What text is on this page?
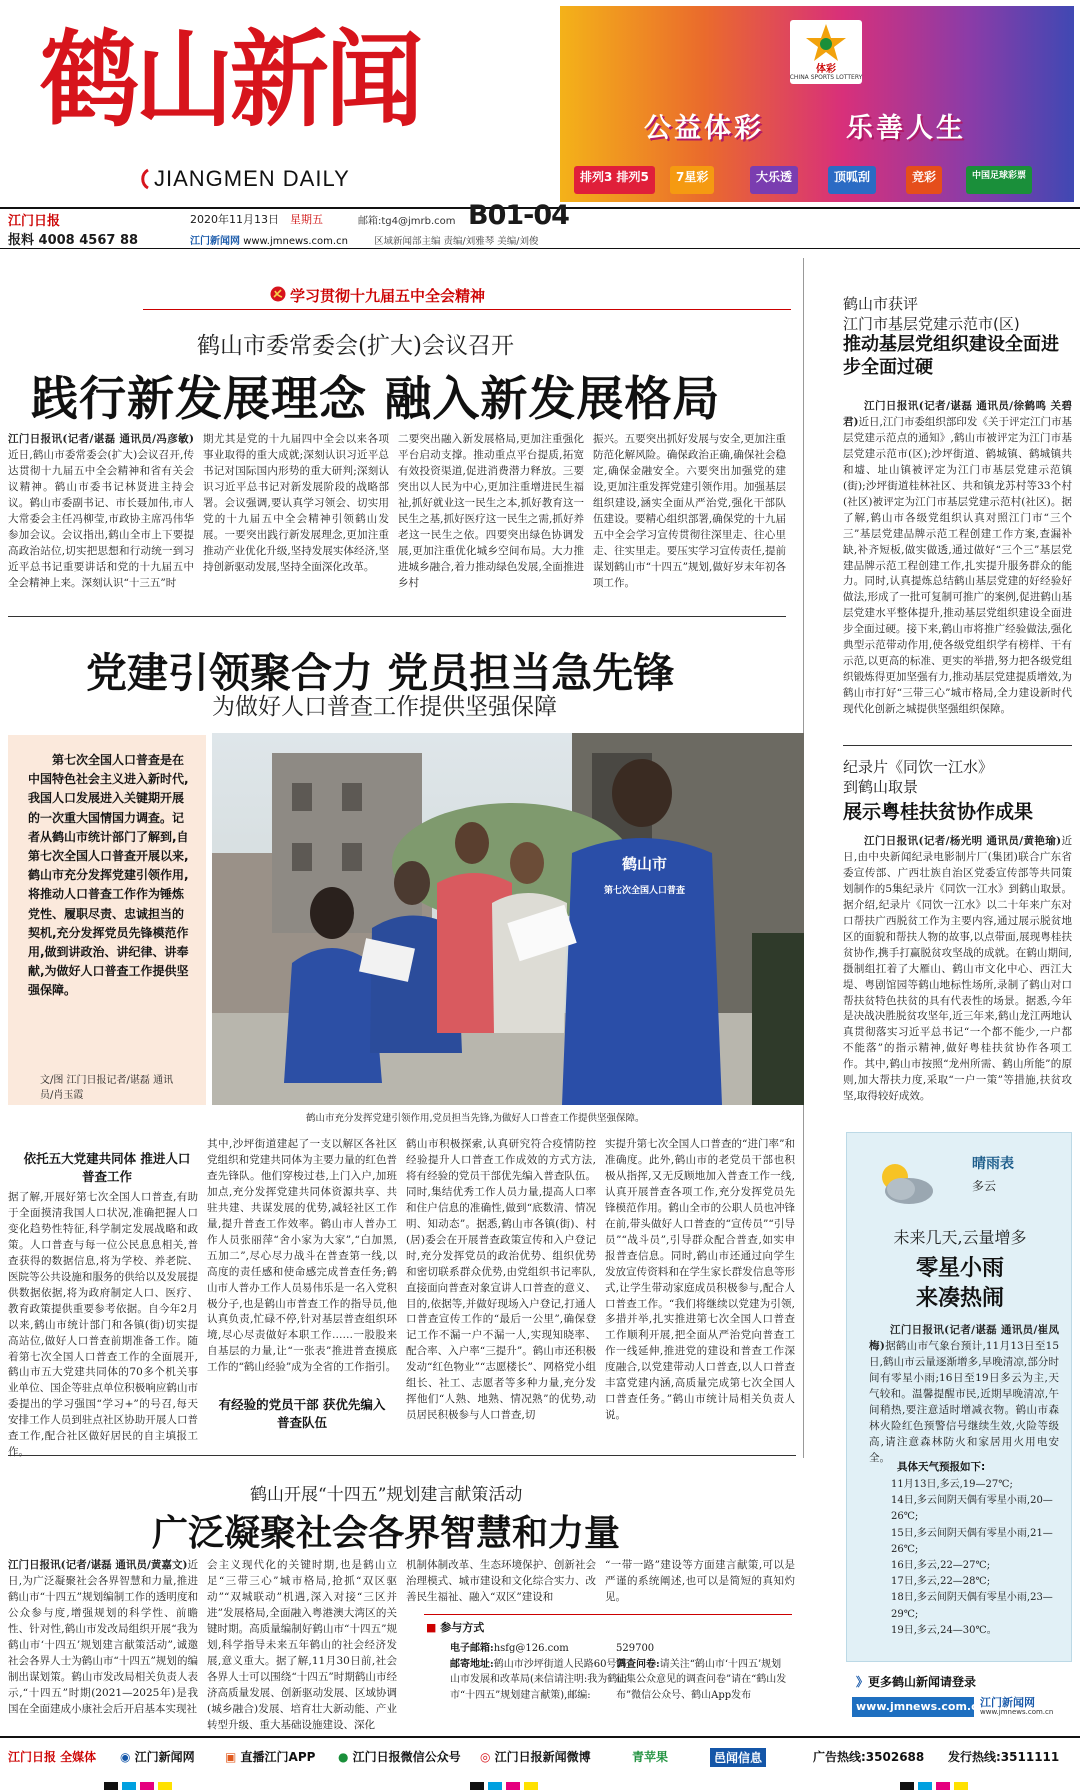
鹤山新闻
JIANGMEN DAILY
体彩
CHINA SPORTS LOTTERY
公益体彩	乐善人生
排列3 排列5	7星彩	大乐透	顶呱刮	竞彩	中国足球彩票
江门日报
报料 4008 4567 88
2020年11月13日 星期五
江门新闻网 www.jmnews.com.cn
邮箱:tg4@jmrb.com B01-04
区域新闻部主编 责编/刘雅琴 美编/刘俊
学习贯彻十九届五中全会精神
鹤山市委常委会(扩大)会议召开
践行新发展理念 融入新发展格局
江门日报讯(记者/谌磊 通讯员/冯彦敏)近日,鹤山市委常委会(扩大)会议召开,传达贯彻十九届五中全会精神和省有关会议精神。鹤山市委书记林贤进主持会议。鹤山市委副书记、市长聂加伟,市人大常委会主任冯柳莹,市政协主席冯伟华参加会议。会议指出,鹤山全市上下要提高政治站位,切实把思想和行动统一到习近平总书记重要讲话和党的十九届五中全会精神上来。深刻认识“十三五”时
期尤其是党的十九届四中全会以来各项事业取得的重大成就;深刻认识习近平总书记对国际国内形势的重大研判;深刻认识习近平总书记对新发展阶段的战略部署。会议强调,要认真学习领会、切实用党的十九届五中全会精神引领鹤山发展。一要突出践行新发展理念,更加注重推动产业优化升级,坚持发展实体经济,坚持创新驱动发展,坚持全面深化改革。
二要突出融入新发展格局,更加注重强化平台启动支撑。推动重点平台提质,拓宽有效投资渠道,促进消费潜力释放。三要突出以人民为中心,更加注重增进民生福祉,抓好就业这一民生之本,抓好教育这一民生之基,抓好医疗这一民生之需,抓好养老这一民生之依。四要突出绿色协调发展,更加注重优化城乡空间布局。大力推进城乡融合,着力推动绿色发展,全面推进乡村
振兴。五要突出抓好发展与安全,更加注重防范化解风险。确保政治正确,确保社会稳定,确保金融安全。六要突出加强党的建设,更加注重发挥党建引领作用。加强基层组织建设,涵实全面从严治党,强化干部队伍建设。要精心组织部署,确保党的十九届五中全会学习宣传贯彻往深里走、往心里走、往实里走。要压实学习宣传责任,提前谋划鹤山市“十四五”规划,做好岁末年初各项工作。
党建引领聚合力 党员担当急先锋
为做好人口普查工作提供坚强保障
第七次全国人口普查是在中国特色社会主义进入新时代,我国人口发展进入关键期开展的一次重大国情国力调查。记者从鹤山市统计部门了解到,自第七次全国人口普查开展以来,鹤山市充分发挥党建引领作用,将推动人口普查工作作为锤炼党性、履职尽责、忠诚担当的契机,充分发挥党员先锋模范作用,做到讲政治、讲纪律、讲奉献,为做好人口普查工作提供坚强保障。
文/图 江门日报记者/谌磊 通讯员/肖玉霞
鹤山市
第七次全国人口普查
鹤山市充分发挥党建引领作用,党员担当先锋,为做好人口普查工作提供坚强保障。
依托五大党建共同体 推进人口普查工作
据了解,开展好第七次全国人口普查,有助于全面摸清我国人口状况,准确把握人口变化趋势性特征,科学制定发展战略和政策。人口普查与每一位公民息息相关,普查获得的数据信息,将为学校、养老院、医院等公共设施和服务的供给以及发展提供数据依据,将为政府制定人口、医疗、教育政策提供重要参考依据。自今年2月以来,鹤山市统计部门和各镇(街)切实提高站位,做好人口普查前期准备工作。随着第七次全国人口普查工作的全面展开,鹤山市五大党建共同体的70多个机关事业单位、国企等驻点单位积极响应鹤山市委提出的学习强国“学习+”的号召,每天安排工作人员到驻点社区协助开展人口普查工作,配合社区做好居民的自主填报工作。
其中,沙坪街道建起了一支以解区各社区党组织和党建共同体为主要力量的红色普查先锋队。他们穿梭过巷,上门入户,加班加点,充分发挥党建共同体资源共享、共驻共建、共谋发展的优势,减轻社区工作量,提升普查工作效率。鹤山市人普办工作人员张丽萍“舍小家为大家”,“白加黑,五加二”,尽心尽力战斗在普查第一线,以高度的责任感和使命感完成普查任务;鹤山市人普办工作人员易伟乐是一名入党积极分子,也是鹤山市普查工作的指导员,他认真负责,忙碌不停,针对基层普查组织环境,尽心尽责做好本职工作……一股股来自基层的力量,让“一张表”推进普查摸底工作的“鹤山经验”成为全省的工作指引。
有经验的党员干部 获优先编入普查队伍
鹤山市积极探索,认真研究符合疫情防控经验提升人口普查工作成效的方式方法,将有经验的党员干部优先编入普查队伍。同时,集结优秀工作人员力量,提高人口率和住户信息的准确性,做到“底数清、情况明、知动态”。据悉,鹤山市各镇(街)、村(居)委会在开展普查政策宣传和入户登记时,充分发挥党员的政治优势、组织优势和密切联系群众优势,由党组织书记率队,直接面向普查对象宣讲人口普查的意义、目的,依据等,并做好现场入户登记,打通人口普查宣传工作的“最后一公里”,确保登记工作不漏一户不漏一人,实现知晓率、配合率、入户率“三提升”。鹤山市还积极发动“红色物业”“志愿楼长”、网格党小组组长、社工、志愿者等多种力量,充分发挥他们“人熟、地熟、情况熟”的优势,动员居民积极参与人口普查,切
实提升第七次全国人口普查的“进门率”和准确度。此外,鹤山市的老党员干部也积极从指挥,又无反顾地加入普查工作一线,认真开展普查各项工作,充分发挥党员先锋模范作用。鹤山全市的公职人员也冲锋在前,带头做好人口普查的“宣传员”“引导员”“战斗员”,引导群众配合普查,如实申报普查信息。同时,鹤山市还通过向学生发放宣传资料和在学生家长群发信息等形式,让学生带动家庭成员积极参与,配合人口普查工作。“我们将继续以党建为引领,多措并举,扎实推进第七次全国人口普查工作顺利开展,把全面从严治党向普查工作一线延伸,推进党的建设和普查工作深度融合,以党建带动人口普查,以人口普查丰富党建内涵,高质量完成第七次全国人口普查任务。”鹤山市统计局相关负责人说。
鹤山开展“十四五”规划建言献策活动
广泛凝聚社会各界智慧和力量
江门日报讯(记者/谌磊 通讯员/黄嘉文)近日,为广泛凝聚社会各界智慧和力量,推进鹤山市“十四五”规划编制工作的透明度和公众参与度,增强规划的科学性、前瞻性、针对性,鹤山市发改局组织开展“我为鹤山市‘十四五’规划建言献策活动”,诚邀社会各界人士为鹤山市“十四五”规划的编制出谋划策。鹤山市发改局相关负责人表示,“十四五”时期(2021—2025年)是我国在全面建成小康社会后开启基本实现社
会主义现代化的关键时期,也是鹤山立足“三带三心”城市格局,抢抓“双区驱动”“双城联动”机遇,深入对接“三区并进”发展格局,全面融入粤港澳大湾区的关键时期。高质量编制好鹤山市“十四五”规划,科学指导未来五年鹤山的社会经济发展,意义重大。据了解,11月30日前,社会各界人士可以围绕“十四五”时期鹤山市经济高质量发展、创新驱动发展、区域协调(城乡融合)发展、培育壮大新动能、产业转型升级、重大基础设施建设、深化
机制体制改革、生态环境保护、创新社会治理模式、城市建设和文化综合实力、改善民生福祉、融入“双区”建设和
“一带一路”建设等方面建言献策,可以是严谨的系统阐述,也可以是简短的真知灼见。
■ 参与方式
电子邮箱:hsfg@126.com
邮寄地址:鹤山市沙坪街道人民路60号鹤山市发展和改革局(来信请注明:我为鹤山市“十四五”规划建言献策),邮编:
529700
调查问卷:请关注“鹤山市‘十四五’规划征集公众意见的调查问卷”请在“鹤山发布”微信公众号、鹤山App发布
鹤山市获评
江门市基层党建示范市(区)
推动基层党组织建设全面进步全面过硬
江门日报讯(记者/谌磊 通讯员/徐鹤鸣 关碧君)近日,江门市委组织部印发《关于评定江门市基层党建示范点的通知》,鹤山市被评定为江门市基层党建示范市(区);沙坪街道、鹤城镇、鹤城镇共和墟、址山镇被评定为江门市基层党建示范镇(街);沙坪街道桂林社区、共和镇龙苏村等33个村(社区)被评定为江门市基层党建示范村(社区)。据了解,鹤山市各级党组织认真对照江门市“三个三”基层党建品牌示范工程创建工作方案,查漏补缺,补齐短板,做实做透,通过做好“三个三”基层党建品牌示范工程创建工作,扎实提升服务群众的能力。同时,认真提炼总结鹤山基层党建的好经验好做法,形成了一批可复制可推广的案例,促进鹤山基层党建水平整体提升,推动基层党组织建设全面进步全面过硬。接下来,鹤山市将推广经验做法,强化典型示范带动作用,使各级党组织学有榜样、干有示范,以更高的标准、更实的举措,努力把各级党组织锻炼得更加坚强有力,推动基层党建提质增效,为鹤山市打好“三带三心”城市格局,全力建设新时代现代化创新之城提供坚强组织保障。
纪录片《同饮一江水》
到鹤山取景
展示粤桂扶贫协作成果
江门日报讯(记者/杨光明 通讯员/黄艳瑜)近日,由中央新闻纪录电影制片厂(集团)联合广东省委宣传部、广西壮族自治区党委宣传部等共同策划制作的5集纪录片《同饮一江水》到鹤山取景。据介绍,纪录片《同饮一江水》以二十年来广东对口帮扶广西脱贫工作为主要内容,通过展示脱贫地区的面貌和帮扶人物的故事,以点带面,展现粤桂扶贫协作,携手打赢脱贫攻坚战的成就。在鹤山期间,摄制组扛着了大雁山、鹤山市文化中心、西江大堤、粤剧馆园等鹤山地标性场所,录制了鹤山对口帮扶贫特色扶贫的具有代表性的场景。据悉,今年是决战决胜脱贫攻坚年,近三年来,鹤山龙江两地认真贯彻落实习近平总书记“一个都不能少,一户都不能落”的指示精神,做好粤桂扶贫协作各项工作。其中,鹤山市按照“龙州所需、鹤山所能”的原则,加大帮扶力度,采取“一户一策”等措施,扶贫攻坚,取得较好成效。
晴雨表
多云
未来几天,云量增多
零星小雨
来凑热闹
江门日报讯(记者/谌磊 通讯员/崔凤梅)据鹤山市气象台预计,11月13日至15日,鹤山市云量逐渐增多,早晚清凉,部分时间有零星小雨;16日至19日多云为主,天气较和。温馨提醒市民,近期早晚清凉,午间稍热,要注意适时增减衣物。鹤山市森林火险红色预警信号继续生效,火险等级高,请注意森林防火和家居用火用电安全。
具体天气预报如下:
11月13日,多云,19—27℃;
14日,多云间阴天偶有零星小雨,20—26℃;
15日,多云间阴天偶有零星小雨,21—26℃;
16日,多云,22—27℃;
17日,多云,22—28℃;
18日,多云间阴天偶有零星小雨,23—29℃;
19日,多云,24—30℃。
》更多鹤山新闻请登录
www.jmnews.com.cn
江门新闻网
www.jmnews.com.cn
江门日报 全媒体 ◉ 江门新闻网	▣ 直播江门APP ● 江门日报微信公众号 ◎ 江门日报新闻微博	青苹果	邑闻信息	广告热线:3502688 发行热线:3511111
